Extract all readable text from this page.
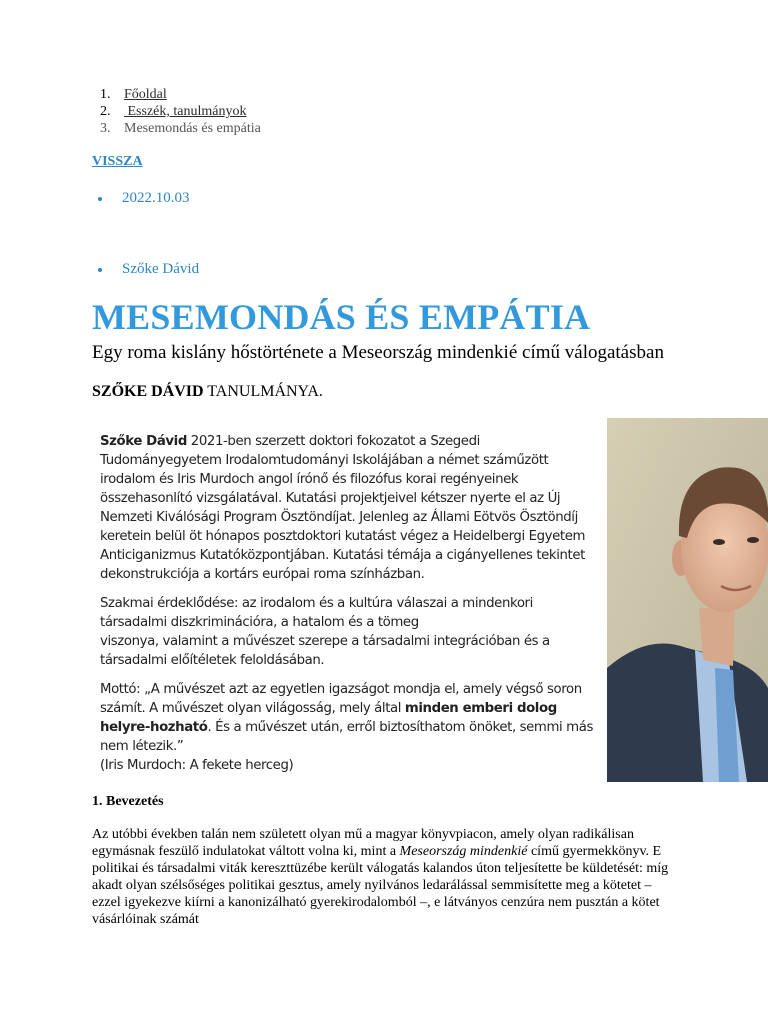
1. Főoldal
2. Esszék, tanulmányok
3. Mesemondás és empátia
VISSZA
2022.10.03
Szőke Dávid
MESEMONDÁS ÉS EMPÁTIA

Egy roma kislány hőstörténete a Meseország mindenkié című válogatásban

SZŐKE DÁVID TANULMÁNYA.

Szőke Dávid 2021-ben szerzett doktori fokozatot a Szegedi Tudományegyetem Irodalomtudományi Iskolájában a német száműzött irodalom és Iris Murdoch angol írónő és filozófus korai regényeinek összehasonlító vizsgálatával. Kutatási projektjeivel kétszer nyerte el az Új Nemzeti Kiválósági Program Ösztöndíjat. Jelenleg az Állami Eötvös Ösztöndíj keretein belül öt hónapos posztdoktori kutatást végez a Heidelbergi Egyetem Anticiganizmus Kutatóközpontjában. Kutatási témája a cigányellenes tekintet dekonstrukciója a kortárs európai roma színházban.

Szakmai érdeklődése: az irodalom és a kultúra válaszai a mindenkori társadalmi diszkriminációra, a hatalom és a tömeg
viszonya, valamint a művészet szerepe a társadalmi integrációban és a társadalmi előítéletek feloldásában.

Mottó: „A művészet azt az egyetlen igazságot mondja el, amely végső soron számít. A művészet olyan világosság, mely által minden emberi dolog helyre-hozható. És a művészet után, erről biztosíthatom önöket, semmi más nem létezik.”
(Iris Murdoch: A fekete herceg)

1. Bevezetés

Az utóbbi években talán nem született olyan mű a magyar könyvpiacon, amely olyan radikálisan egymásnak feszülő indulatokat váltott volna ki, mint a Meseország mindenkié című gyermekkönyv. E politikai és társadalmi viták kereszttüzébe került válogatás kalandos úton teljesítette be küldetését: míg akadt olyan szélsőséges politikai gesztus, amely nyilvános ledarálással semmisítette meg a kötetet – ezzel igyekezve kiírni a kanonizálható gyerekirodalomból –, e látványos cenzúra nem pusztán a kötet vásárlóinak számát
